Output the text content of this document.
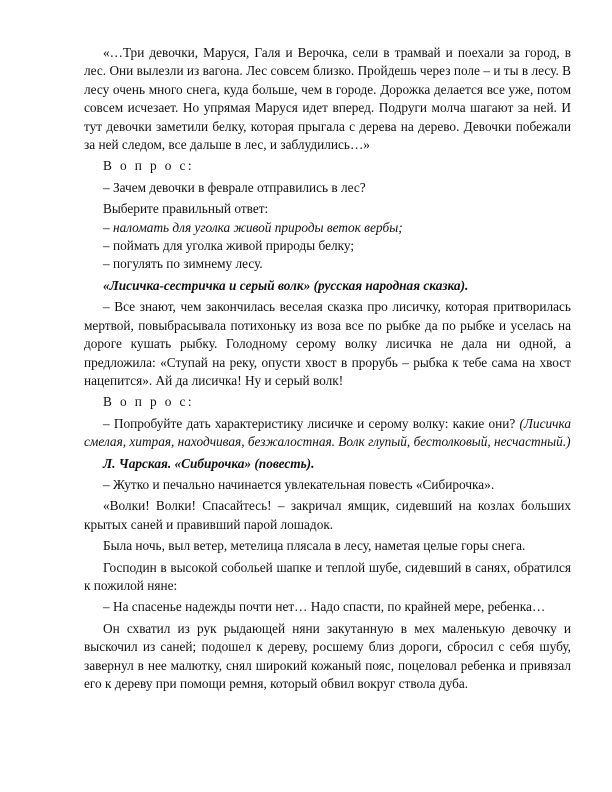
«…Три девочки, Маруся, Галя и Верочка, сели в трамвай и поехали за город, в лес. Они вылезли из вагона. Лес совсем близко. Пройдешь через поле – и ты в лесу. В лесу очень много снега, куда больше, чем в городе. Дорожка делается все уже, потом совсем исчезает. Но упрямая Маруся идет вперед. Подруги молча шагают за ней. И тут девочки заметили белку, которая прыгала с дерева на дерево. Девочки побежали за ней следом, все дальше в лес, и заблудились…»

В о п р о с:

– Зачем девочки в феврале отправились в лес?

Выберите правильный ответ:

– наломать для уголка живой природы веток вербы;

– поймать для уголка живой природы белку;

– погулять по зимнему лесу.

«Лисичка-сестричка и серый волк» (русская народная сказка).

– Все знают, чем закончилась веселая сказка про лисичку, которая притворилась мертвой, повыбрасывала потихоньку из воза все по рыбке да по рыбке и уселась на дороге кушать рыбку. Голодному серому волку лисичка не дала ни одной, а предложила: «Ступай на реку, опусти хвост в прорубь – рыбка к тебе сама на хвост нацепится». Ай да лисичка! Ну и серый волк!

В о п р о с:

– Попробуйте дать характеристику лисичке и серому волку: какие они? (Лисичка смелая, хитрая, находчивая, безжалостная. Волк глупый, бестолковый, несчастный.)

Л. Чарская. «Сибирочка» (повесть).

– Жутко и печально начинается увлекательная повесть «Сибирочка».

«Волки! Волки! Спасайтесь! – закричал ямщик, сидевший на козлах больших крытых саней и правивший парой лошадок.

Была ночь, выл ветер, метелица плясала в лесу, наметая целые горы снега.

Господин в высокой собольей шапке и теплой шубе, сидевший в санях, обратился к пожилой няне:

– На спасенье надежды почти нет… Надо спасти, по крайней мере, ребенка…

Он схватил из рук рыдающей няни закутанную в мех маленькую девочку и выскочил из саней; подошел к дереву, росшему близ дороги, сбросил с себя шубу, завернул в нее малютку, снял широкий кожаный пояс, поцеловал ребенка и привязал его к дереву при помощи ремня, который обвил вокруг ствола дуба.
